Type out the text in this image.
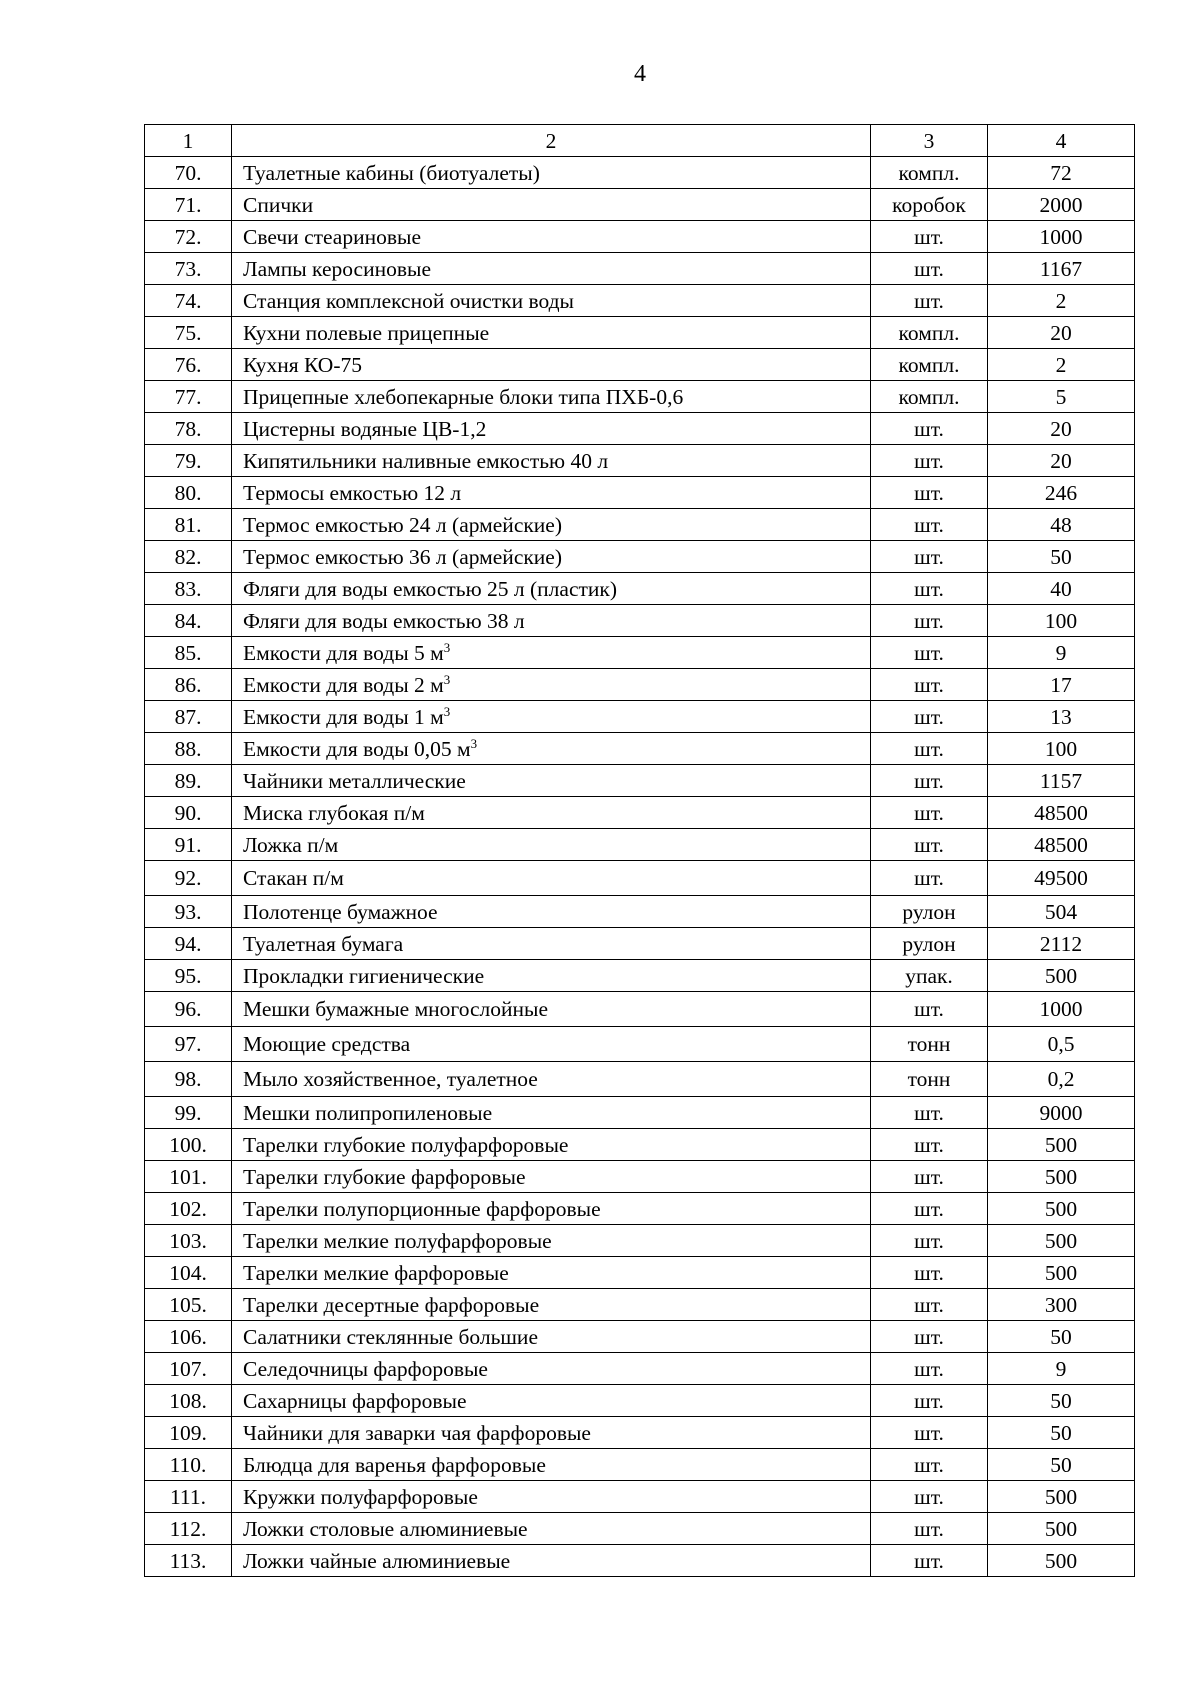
4
1	2	3	4
70.	Туалетные кабины (биотуалеты)	компл.	72
71.	Спички	коробок	2000
72.	Свечи стеариновые	шт.	1000
73.	Лампы керосиновые	шт.	1167
74.	Станция комплексной очистки воды	шт.	2
75.	Кухни полевые прицепные	компл.	20
76.	Кухня КО-75	компл.	2
77.	Прицепные хлебопекарные блоки типа ПХБ-0,6	компл.	5
78.	Цистерны водяные ЦВ-1,2	шт.	20
79.	Кипятильники наливные емкостью 40 л	шт.	20
80.	Термосы емкостью 12 л	шт.	246
81.	Термос емкостью 24 л (армейские)	шт.	48
82.	Термос емкостью 36 л (армейские)	шт.	50
83.	Фляги для воды емкостью 25 л (пластик)	шт.	40
84.	Фляги для воды емкостью 38 л	шт.	100
85.	Емкости для воды 5 $м^3$	шт.	9
86.	Емкости для воды 2 $м^3$	шт.	17
87.	Емкости для воды 1 $м^3$	шт.	13
88.	Емкости для воды 0,05 $м^3$	шт.	100
89.	Чайники металлические	шт.	1157
90.	Миска глубокая п/м	шт.	48500
91.	Ложка п/м	шт.	48500
92.	Стакан п/м	шт.	49500
93.	Полотенце бумажное	рулон	504
94.	Туалетная бумага	рулон	2112
95.	Прокладки гигиенические	упак.	500
96.	Мешки бумажные многослойные	шт.	1000
97.	Моющие средства	тонн	0,5
98.	Мыло хозяйственное, туалетное	тонн	0,2
99.	Мешки полипропиленовые	шт.	9000
100.	Тарелки глубокие полуфарфоровые	шт.	500
101.	Тарелки глубокие фарфоровые	шт.	500
102.	Тарелки полупорционные фарфоровые	шт.	500
103.	Тарелки мелкие полуфарфоровые	шт.	500
104.	Тарелки мелкие фарфоровые	шт.	500
105.	Тарелки десертные фарфоровые	шт.	300
106.	Салатники стеклянные большие	шт.	50
107.	Селедочницы фарфоровые	шт.	9
108.	Сахарницы фарфоровые	шт.	50
109.	Чайники для заварки чая фарфоровые	шт.	50
110.	Блюдца для варенья фарфоровые	шт.	50
111.	Кружки полуфарфоровые	шт.	500
112.	Ложки столовые алюминиевые	шт.	500
113.	Ложки чайные алюминиевые	шт.	500
